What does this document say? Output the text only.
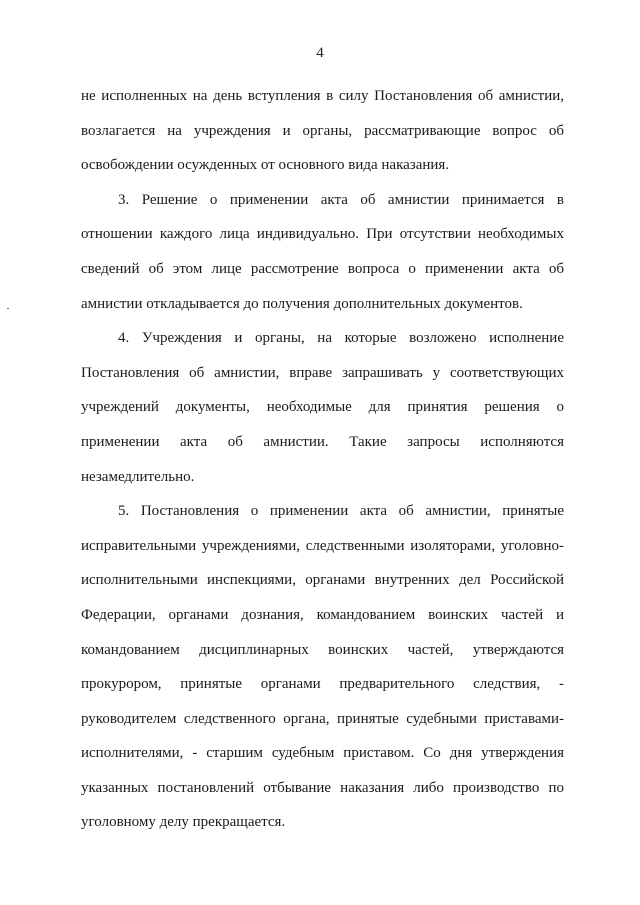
4

не исполненных на день вступления в силу Постановления об амнистии, возлагается на учреждения и органы, рассматривающие вопрос об освобождении осужденных от основного вида наказания.

3. Решение о применении акта об амнистии принимается в отношении каждого лица индивидуально. При отсутствии необходимых сведений об этом лице рассмотрение вопроса о применении акта об амнистии откладывается до получения дополнительных документов.

4. Учреждения и органы, на которые возложено исполнение Постановления об амнистии, вправе запрашивать у соответствующих учреждений документы, необходимые для принятия решения о применении акта об амнистии. Такие запросы исполняются незамедлительно.

5. Постановления о применении акта об амнистии, принятые исправительными учреждениями, следственными изоляторами, уголовно-исполнительными инспекциями, органами внутренних дел Российской Федерации, органами дознания, командованием воинских частей и командованием дисциплинарных воинских частей, утверждаются прокурором, принятые органами предварительного следствия, - руководителем следственного органа, принятые судебными приставами-исполнителями, - старшим судебным приставом. Со дня утверждения указанных постановлений отбывание наказания либо производство по уголовному делу прекращается.
